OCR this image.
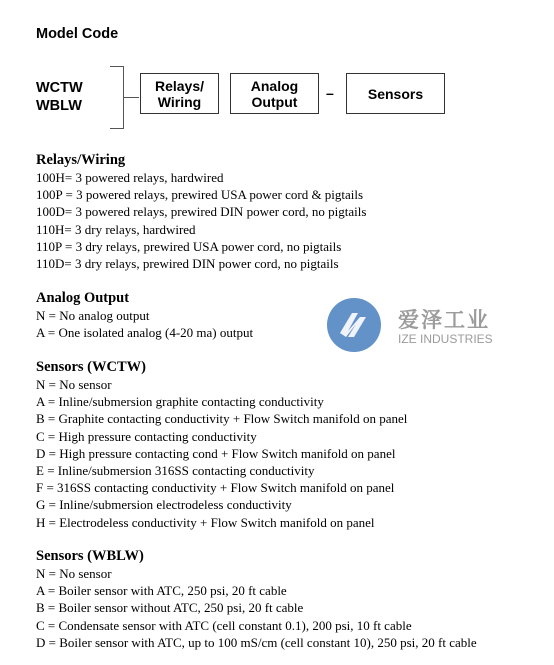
Model Code
WCTW
WBLW
Relays/
Wiring
Analog
Output
–	Sensors
Relays/Wiring
100H= 3 powered relays, hardwired
100P = 3 powered relays, prewired USA power cord & pigtails
100D= 3 powered relays, prewired DIN power cord, no pigtails
110H= 3 dry relays, hardwired
110P = 3 dry relays, prewired USA power cord, no pigtails
110D= 3 dry relays, prewired DIN power cord, no pigtails
Analog Output
N = No analog output
A = One isolated analog (4-20 ma) output
爱泽工业
IZE INDUSTRIES
Sensors (WCTW)
N = No sensor
A = Inline/submersion graphite contacting conductivity
B = Graphite contacting conductivity + Flow Switch manifold on panel
C = High pressure contacting conductivity
D = High pressure contacting cond + Flow Switch manifold on panel
E = Inline/submersion 316SS contacting conductivity
F = 316SS contacting conductivity + Flow Switch manifold on panel
G = Inline/submersion electrodeless conductivity
H = Electrodeless conductivity + Flow Switch manifold on panel
Sensors (WBLW)
N = No sensor
A = Boiler sensor with ATC, 250 psi, 20 ft cable
B = Boiler sensor without ATC, 250 psi, 20 ft cable
C = Condensate sensor with ATC (cell constant 0.1), 200 psi, 10 ft cable
D = Boiler sensor with ATC, up to 100 mS/cm (cell constant 10), 250 psi, 20 ft cable
